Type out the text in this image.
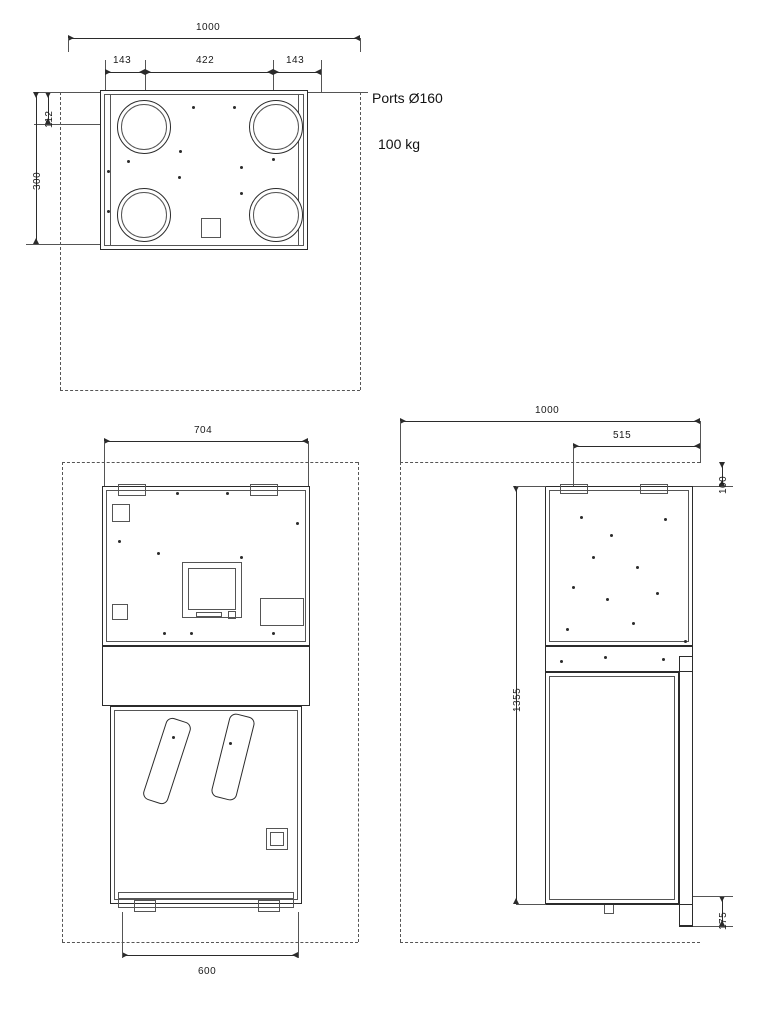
1000
143	422	143
112
300
Ports Ø160
100 kg
704
600
1000
515
100
1355
175
